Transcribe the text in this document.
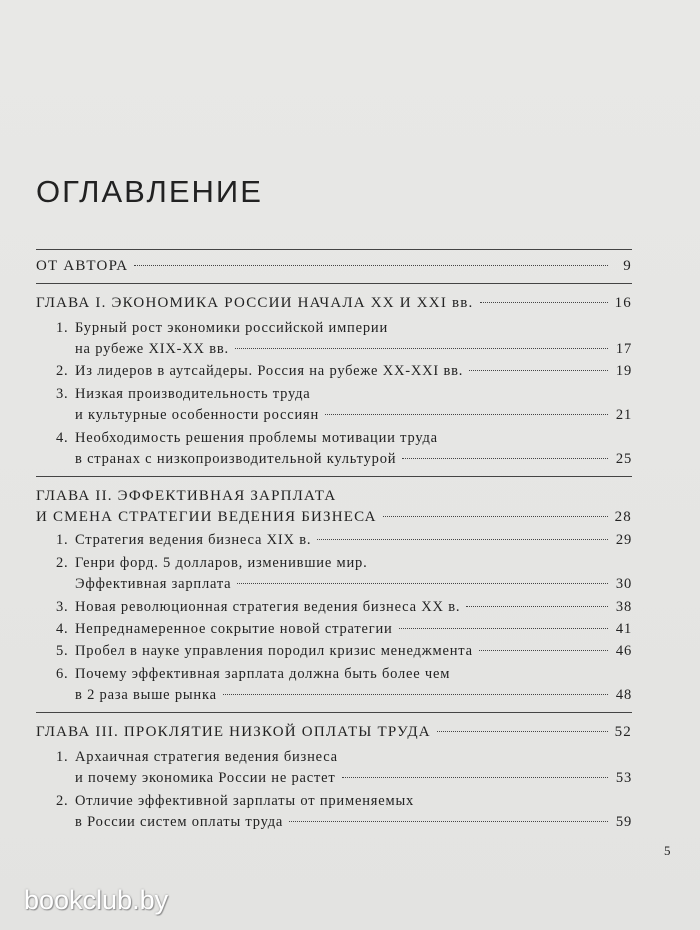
ОГЛАВЛЕНИЕ
ОТ АВТОРА	9
ГЛАВА I. ЭКОНОМИКА РОССИИ НАЧАЛА XX И XXI вв.	16
1. Бурный рост экономики российской империи
на рубеже XIX-XX вв.	17
2. Из лидеров в аутсайдеры. Россия на рубеже XX-XXI вв.	19
3. Низкая производительность труда
и культурные особенности россиян	21
4. Необходимость решения проблемы мотивации труда
в странах с низкопроизводительной культурой	25
ГЛАВА II. ЭФФЕКТИВНАЯ ЗАРПЛАТА
И СМЕНА СТРАТЕГИИ ВЕДЕНИЯ БИЗНЕСА	28
1. Стратегия ведения бизнеса XIX в.	29
2. Генри форд. 5 долларов, изменившие мир.
Эффективная зарплата	30
3. Новая революционная стратегия ведения бизнеса XX в.	38
4. Непреднамеренное сокрытие новой стратегии	41
5. Пробел в науке управления породил кризис менеджмента	46
6. Почему эффективная зарплата должна быть более чем
в 2 раза выше рынка	48
ГЛАВА III. ПРОКЛЯТИЕ НИЗКОЙ ОПЛАТЫ ТРУДА	52
1. Архаичная стратегия ведения бизнеса
и почему экономика России не растет	53
2. Отличие эффективной зарплаты от применяемых
в России систем оплаты труда	59
5
bookclub.by
